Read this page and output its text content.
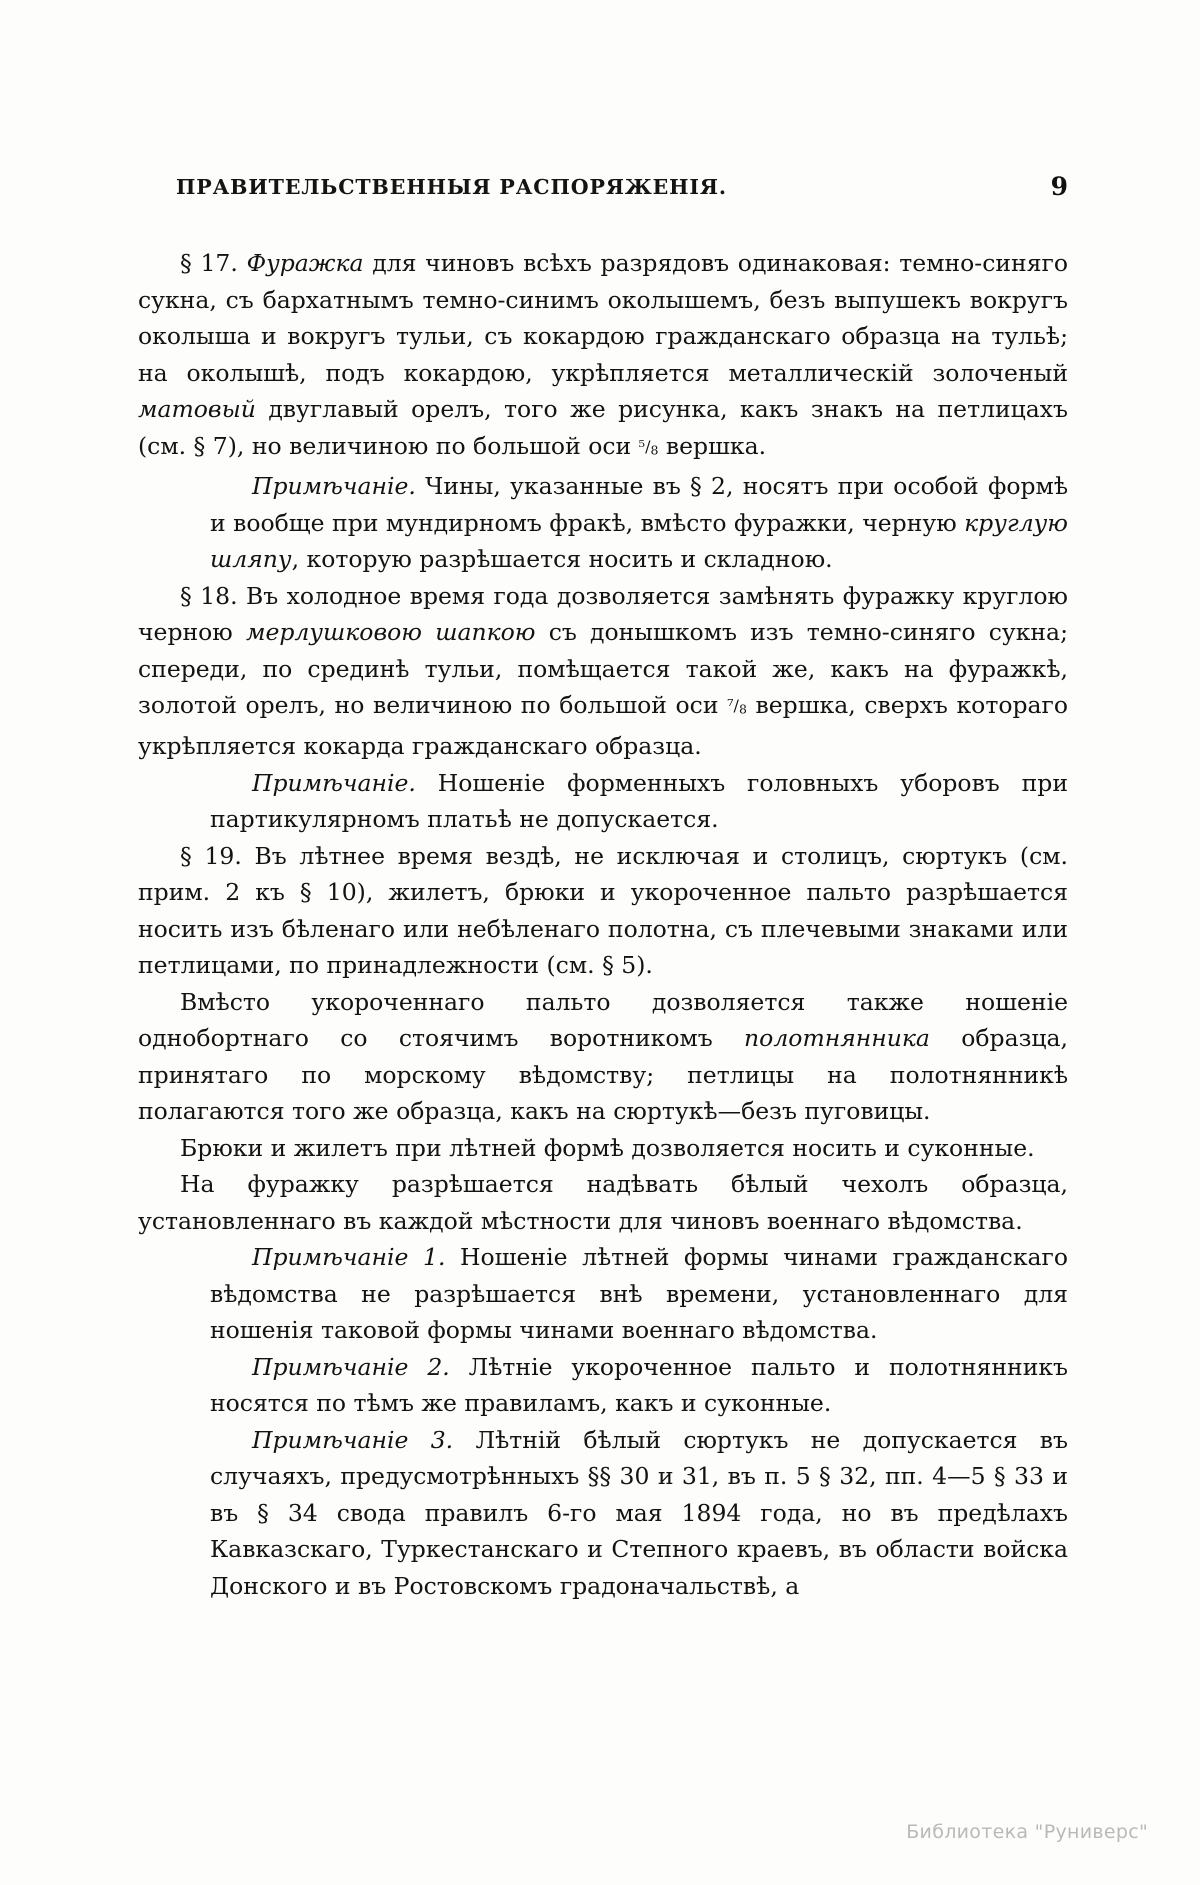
ПРАВИТЕЛЬСТВЕННЫЯ РАСПОРЯЖЕНІЯ.	9

§ 17. Фуражка для чиновъ всѣхъ разрядовъ одинаковая: темно-синяго сукна, съ бархатнымъ темно-синимъ околышемъ, безъ выпушекъ вокругъ околыша и вокругъ тульи, съ кокардою гражданскаго образца на тульѣ; на околышѣ, подъ кокардою, укрѣпляется металлическій золоченый матовый двуглавый орелъ, того же рисунка, какъ знакъ на петлицахъ (см. § 7), но величиною по большой оси $^5/_8$ вершка.

Примѣчаніе. Чины, указанные въ § 2, носятъ при особой формѣ и вообще при мундирномъ фракѣ, вмѣсто фуражки, черную круглую шляпу, которую разрѣшается носить и складною.

§ 18. Въ холодное время года дозволяется замѣнять фуражку круглою черною мерлушковою шапкою съ донышкомъ изъ темно-синяго сукна; спереди, по срединѣ тульи, помѣщается такой же, какъ на фуражкѣ, золотой орелъ, но величиною по большой оси $^7/_8$ вершка, сверхъ котораго укрѣпляется кокарда гражданскаго образца.

Примѣчаніе. Ношеніе форменныхъ головныхъ уборовъ при партикулярномъ платьѣ не допускается.

§ 19. Въ лѣтнее время вездѣ, не исключая и столицъ, сюртукъ (см. прим. 2 къ § 10), жилетъ, брюки и укороченное пальто разрѣшается носить изъ бѣленаго или небѣленаго полотна, съ плечевыми знаками или петлицами, по принадлежности (см. § 5).

Вмѣсто укороченнаго пальто дозволяется также ношеніе однобортнаго со стоячимъ воротникомъ полотнянника образца, принятаго по морскому вѣдомству; петлицы на полотнянникѣ полагаются того же образца, какъ на сюртукѣ—безъ пуговицы.

Брюки и жилетъ при лѣтней формѣ дозволяется носить и суконные.

На фуражку разрѣшается надѣвать бѣлый чехолъ образца, установленнаго въ каждой мѣстности для чиновъ военнаго вѣдомства.

Примѣчаніе 1. Ношеніе лѣтней формы чинами гражданскаго вѣдомства не разрѣшается внѣ времени, установленнаго для ношенія таковой формы чинами военнаго вѣдомства.

Примѣчаніе 2. Лѣтніе укороченное пальто и полотнянникъ носятся по тѣмъ же правиламъ, какъ и суконные.

Примѣчаніе 3. Лѣтній бѣлый сюртукъ не допускается въ случаяхъ, предусмотрѣнныхъ §§ 30 и 31, въ п. 5 § 32, пп. 4—5 § 33 и въ § 34 свода правилъ 6-го мая 1894 года, но въ предѣлахъ Кавказскаго, Туркестанскаго и Степного краевъ, въ области войска Донского и въ Ростовскомъ градоначальствѣ, а

Библиотека "Руниверс"
